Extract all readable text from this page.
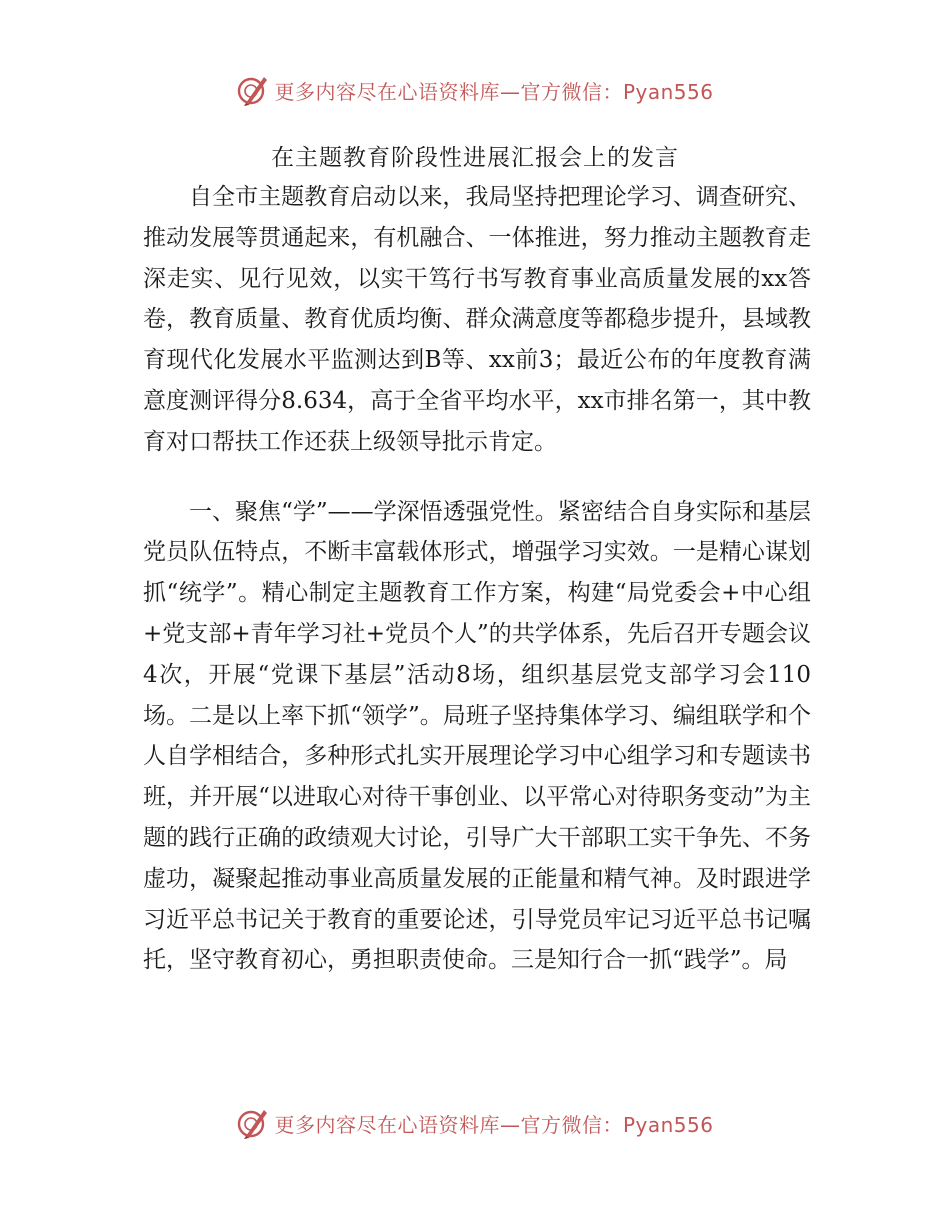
更多内容尽在心语资料库—官方微信：Pyan556
在主题教育阶段性进展汇报会上的发言

自全市主题教育启动以来，我局坚持把理论学习、调查研究、推动发展等贯通起来，有机融合、一体推进，努力推动主题教育走深走实、见行见效，以实干笃行书写教育事业高质量发展的xx答卷，教育质量、教育优质均衡、群众满意度等都稳步提升，县域教育现代化发展水平监测达到B等、xx前3；最近公布的年度教育满意度测评得分8.634，高于全省平均水平，xx市排名第一，其中教育对口帮扶工作还获上级领导批示肯定。

一、聚焦“学”——学深悟透强党性。紧密结合自身实际和基层党员队伍特点，不断丰富载体形式，增强学习实效。一是精心谋划抓“统学”。精心制定主题教育工作方案，构建“局党委会+中心组+党支部+青年学习社+党员个人”的共学体系，先后召开专题会议4次，开展“党课下基层”活动8场，组织基层党支部学习会110场。二是以上率下抓“领学”。局班子坚持集体学习、编组联学和个人自学相结合，多种形式扎实开展理论学习中心组学习和专题读书班，并开展“以进取心对待干事创业、以平常心对待职务变动”为主题的践行正确的政绩观大讨论，引导广大干部职工实干争先、不务虚功，凝聚起推动事业高质量发展的正能量和精气神。及时跟进学习近平总书记关于教育的重要论述，引导党员牢记习近平总书记嘱托，坚守教育初心，勇担职责使命。三是知行合一抓“践学”。局

更多内容尽在心语资料库—官方微信：Pyan556
